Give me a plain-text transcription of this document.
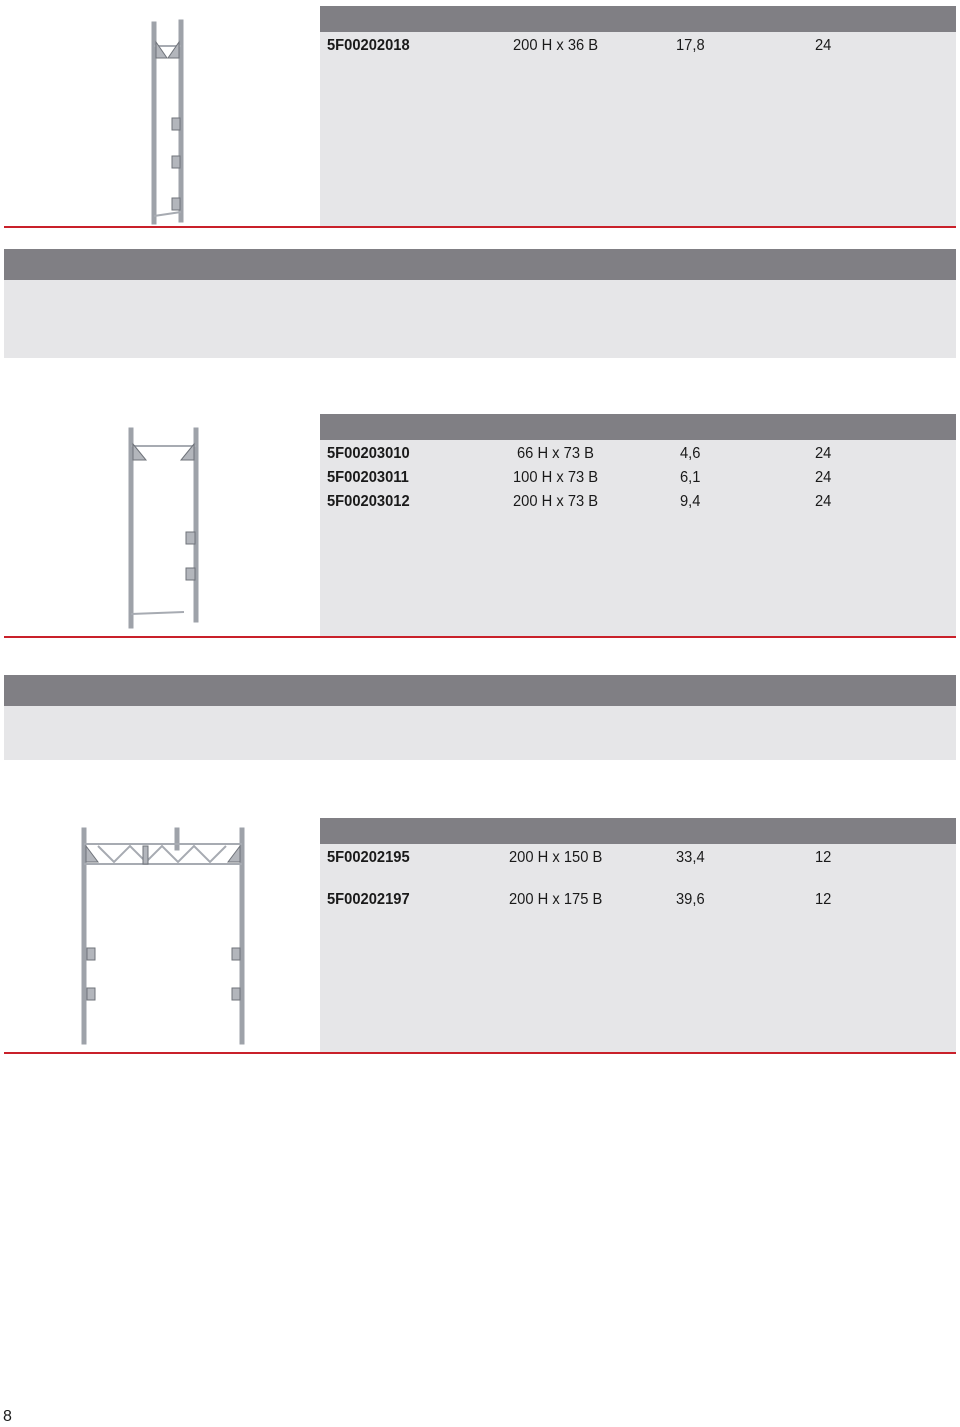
5F00202018	200 H x 36 B	17,8	24
5F00203010	66 H x 73 B	4,6	24
5F00203011	100 H x 73 B	6,1	24
5F00203012	200 H x 73 B	9,4	24
5F00202195	200 H x 150 B	33,4	12
5F00202197	200 H x 175 B	39,6	12
8
